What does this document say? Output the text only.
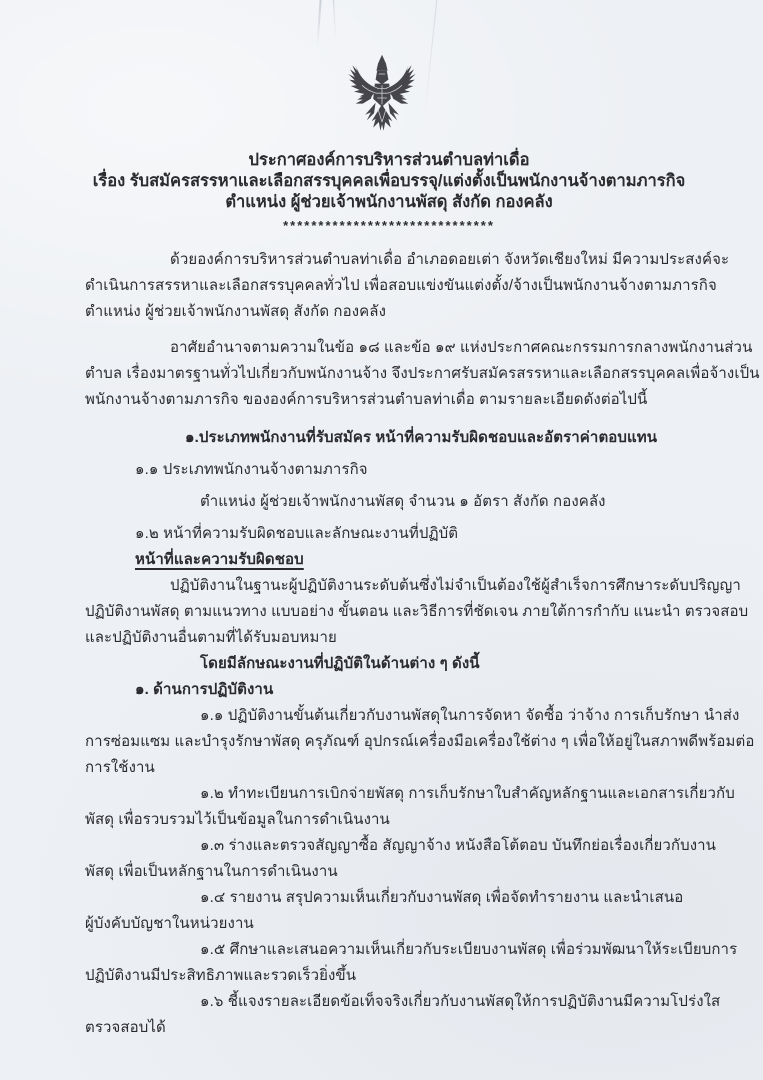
ประกาศองค์การบริหารส่วนตำบลท่าเดื่อ
เรื่อง รับสมัครสรรหาและเลือกสรรบุคคลเพื่อบรรจุ/แต่งตั้งเป็นพนักงานจ้างตามภารกิจ
ตำแหน่ง ผู้ช่วยเจ้าพนักงานพัสดุ สังกัด กองคลัง
******************************
ด้วยองค์การบริหารส่วนตำบลท่าเดื่อ อำเภอดอยเต่า จังหวัดเชียงใหม่ มีความประสงค์จะ
ดำเนินการสรรหาและเลือกสรรบุคคลทั่วไป เพื่อสอบแข่งขันแต่งตั้ง/จ้างเป็นพนักงานจ้างตามภารกิจ
ตำแหน่ง ผู้ช่วยเจ้าพนักงานพัสดุ สังกัด กองคลัง
อาศัยอำนาจตามความในข้อ ๑๘ และข้อ ๑๙ แห่งประกาศคณะกรรมการกลางพนักงานส่วน
ตำบล เรื่องมาตรฐานทั่วไปเกี่ยวกับพนักงานจ้าง จึงประกาศรับสมัครสรรหาและเลือกสรรบุคคลเพื่อจ้างเป็น
พนักงานจ้างตามภารกิจ ขององค์การบริหารส่วนตำบลท่าเดื่อ ตามรายละเอียดดังต่อไปนี้
๑.ประเภทพนักงานที่รับสมัคร หน้าที่ความรับผิดชอบและอัตราค่าตอบแทน
๑.๑ ประเภทพนักงานจ้างตามภารกิจ
ตำแหน่ง ผู้ช่วยเจ้าพนักงานพัสดุ จำนวน ๑ อัตรา สังกัด กองคลัง
๑.๒ หน้าที่ความรับผิดชอบและลักษณะงานที่ปฏิบัติ
หน้าที่และความรับผิดชอบ
ปฏิบัติงานในฐานะผู้ปฏิบัติงานระดับต้นซึ่งไม่จำเป็นต้องใช้ผู้สำเร็จการศึกษาระดับปริญญา
ปฏิบัติงานพัสดุ ตามแนวทาง แบบอย่าง ขั้นตอน และวิธีการที่ชัดเจน ภายใต้การกำกับ แนะนำ ตรวจสอบ
และปฏิบัติงานอื่นตามที่ได้รับมอบหมาย
โดยมีลักษณะงานที่ปฏิบัติในด้านต่าง ๆ ดังนี้
๑. ด้านการปฏิบัติงาน
๑.๑ ปฏิบัติงานขั้นต้นเกี่ยวกับงานพัสดุในการจัดหา จัดซื้อ ว่าจ้าง การเก็บรักษา นำส่ง
การซ่อมแซม และบำรุงรักษาพัสดุ ครุภัณฑ์ อุปกรณ์เครื่องมือเครื่องใช้ต่าง ๆ เพื่อให้อยู่ในสภาพดีพร้อมต่อ
การใช้งาน
๑.๒ ทำทะเบียนการเบิกจ่ายพัสดุ การเก็บรักษาใบสำคัญหลักฐานและเอกสารเกี่ยวกับ
พัสดุ เพื่อรวบรวมไว้เป็นข้อมูลในการดำเนินงาน
๑.๓ ร่างและตรวจสัญญาซื้อ สัญญาจ้าง หนังสือโต้ตอบ บันทึกย่อเรื่องเกี่ยวกับงาน
พัสดุ เพื่อเป็นหลักฐานในการดำเนินงาน
๑.๔ รายงาน สรุปความเห็นเกี่ยวกับงานพัสดุ เพื่อจัดทำรายงาน และนำเสนอ
ผู้บังคับบัญชาในหน่วยงาน
๑.๕ ศึกษาและเสนอความเห็นเกี่ยวกับระเบียบงานพัสดุ เพื่อร่วมพัฒนาให้ระเบียบการ
ปฏิบัติงานมีประสิทธิภาพและรวดเร็วยิ่งขึ้น
๑.๖ ชี้แจงรายละเอียดข้อเท็จจริงเกี่ยวกับงานพัสดุให้การปฏิบัติงานมีความโปร่งใส
ตรวจสอบได้
